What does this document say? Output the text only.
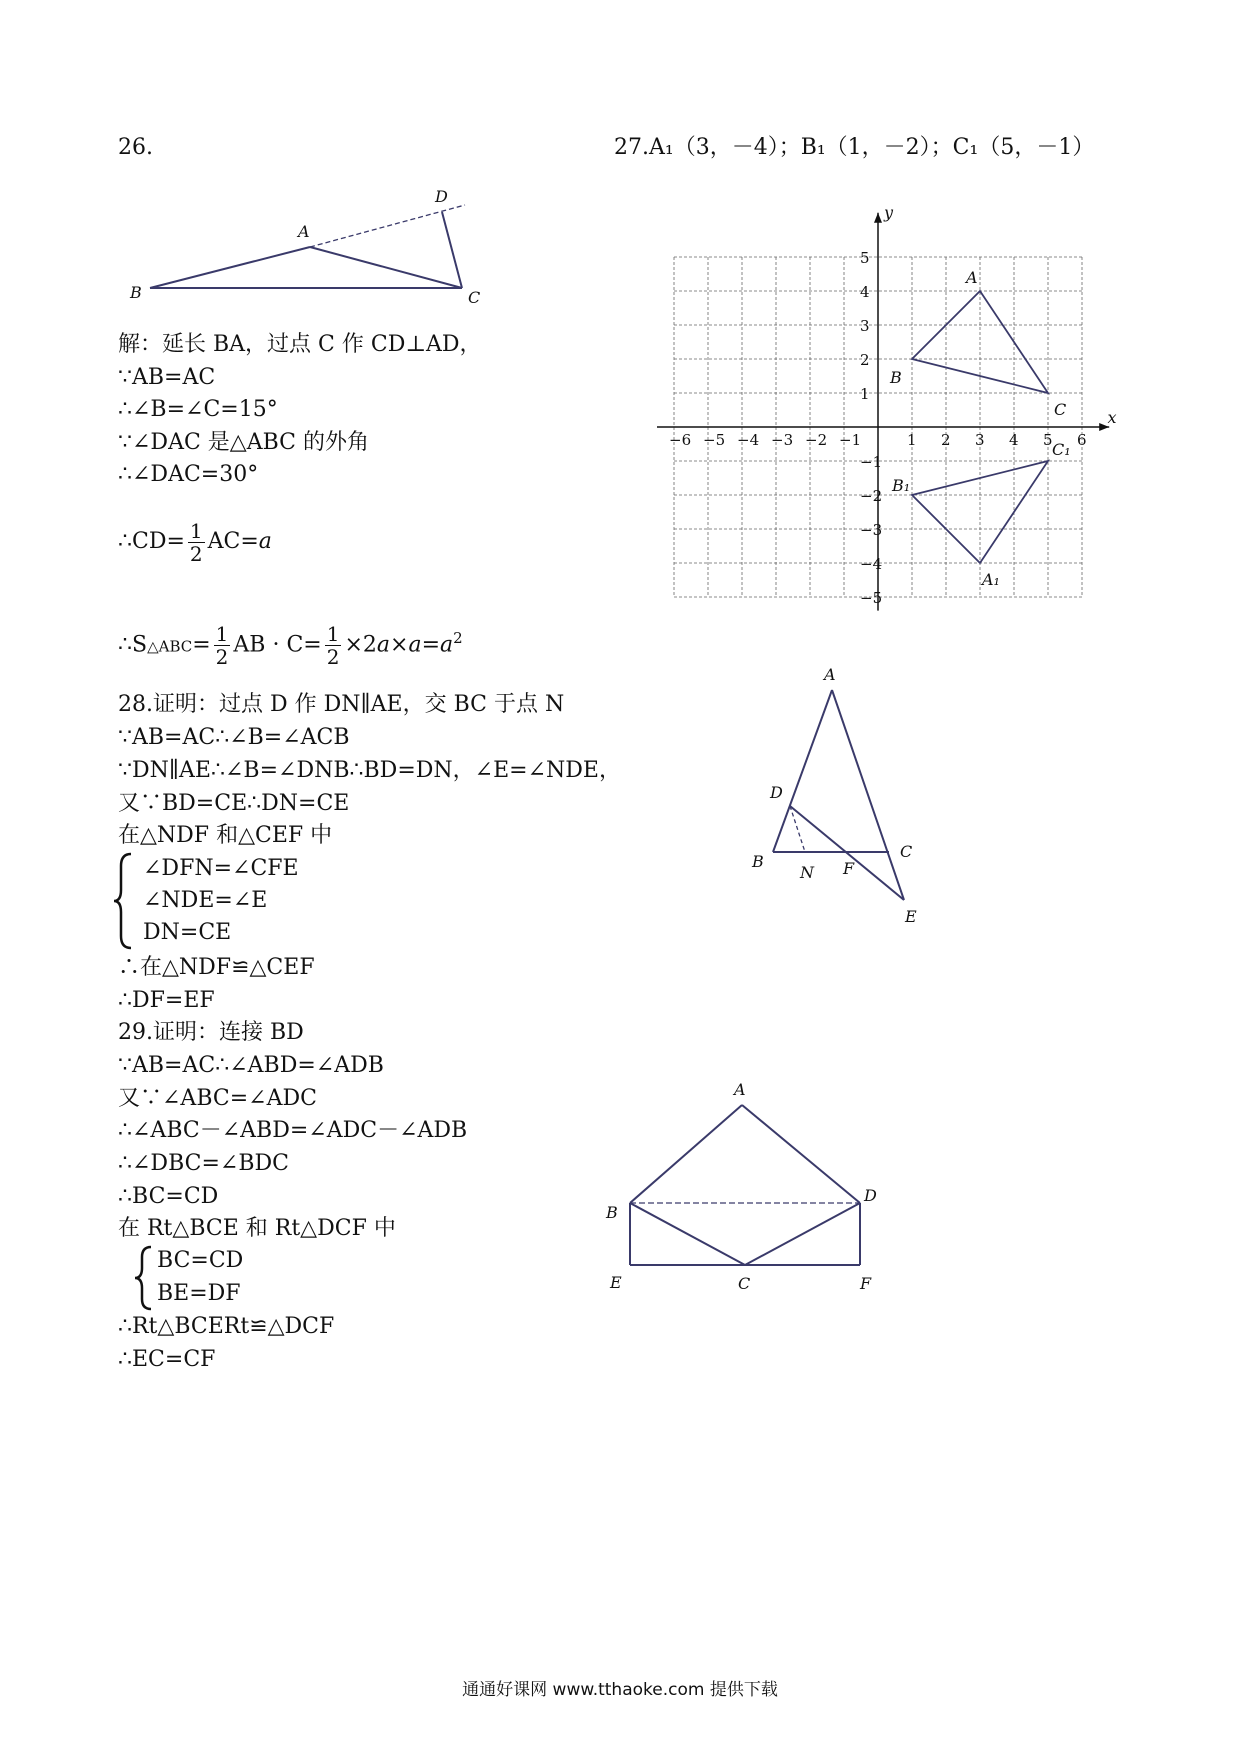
26.
B
A
C
D
解：延长 BA，过点 C 作 CD⊥AD，
∵AB=AC
∴∠B=∠C=15°
∵∠DAC 是△ABC 的外角
∴∠DAC=30°
∴CD= $\frac{1}{2} AC=a$
∴S△ABC= $\frac{1}{2}$ AB · $C= \frac{1}{2} \times 2a\times a=a^2$
27.A₁（3，－4）；B₁（1，－2）；C₁（5，－1）
x
y
−6 −5 −4 −3 −2 −1	1 2 3 4 5 6
5
4
3
2
1
−1
−2
−3
−4
−5
A
B
C
A₁
B₁
C₁
28.证明：过点 D 作 DN∥AE，交 BC 于点 N
∵AB=AC∴∠B=∠ACB
∵DN∥AE∴∠B=∠DNB∴BD=DN，∠E=∠NDE，
又∵BD=CE∴DN=CE
在△NDF 和△CEF 中
∠DFN=∠CFE
∠NDE=∠E
DN=CE
∴在△NDF≌△CEF
∴DF=EF
A
D
B
N F
C
E
29.证明：连接 BD
∵AB=AC∴∠ABD=∠ADB
又∵∠ABC=∠ADC
∴∠ABC－∠ABD=∠ADC－∠ADB
∴∠DBC=∠BDC
∴BC=CD
在 Rt△BCE 和 Rt△DCF 中
BC=CD
BE=DF
∴Rt△BCERt≌△DCF
∴EC=CF
A
B
D
E	C	F
通通好课网 www.tthaoke.com 提供下载
